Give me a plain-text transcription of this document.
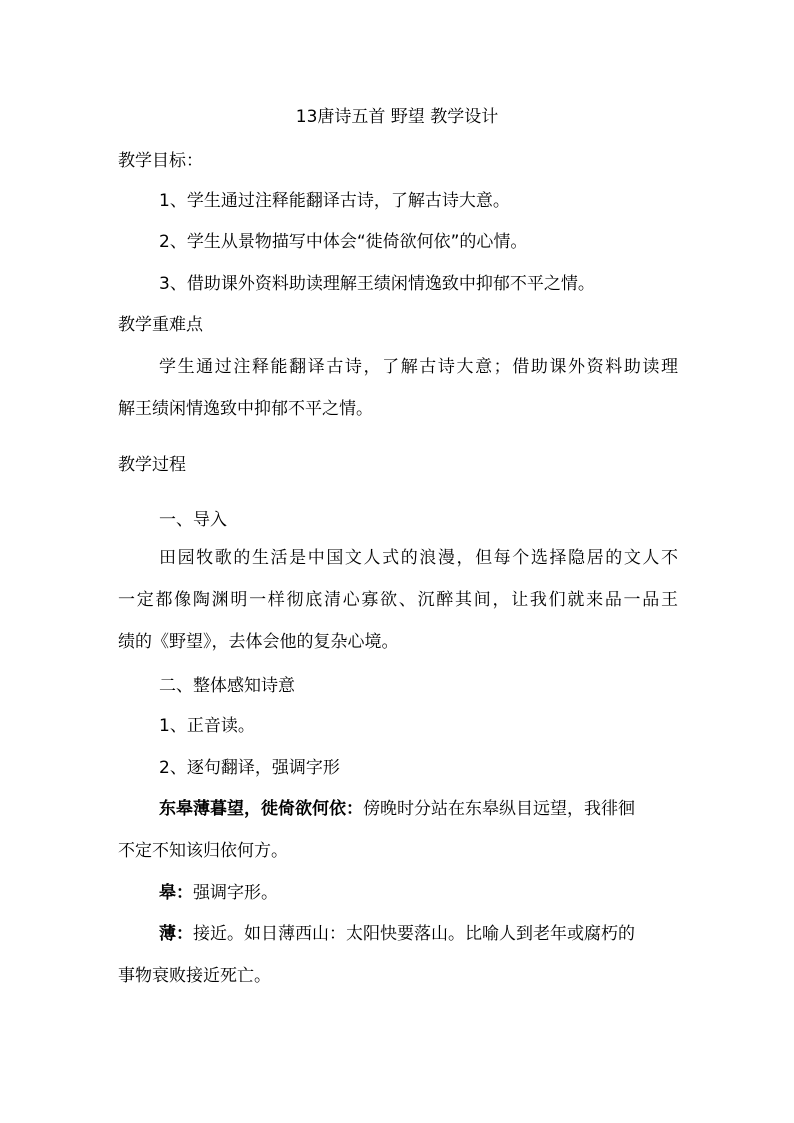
13唐诗五首 野望 教学设计
教学目标：
1、学生通过注释能翻译古诗，了解古诗大意。
2、学生从景物描写中体会“徙倚欲何依”的心情。
3、借助课外资料助读理解王绩闲情逸致中抑郁不平之情。
教学重难点
学生通过注释能翻译古诗，了解古诗大意；借助课外资料助读理
解王绩闲情逸致中抑郁不平之情。
教学过程
一、导入
田园牧歌的生活是中国文人式的浪漫，但每个选择隐居的文人不
一定都像陶渊明一样彻底清心寡欲、沉醉其间，让我们就来品一品王
绩的《野望》，去体会他的复杂心境。
二、整体感知诗意
1、正音读。
2、逐句翻译，强调字形
东皋薄暮望，徙倚欲何依：傍晚时分站在东皋纵目远望，我徘徊
不定不知该归依何方。
皋：强调字形。
薄：接近。如日薄西山：太阳快要落山。比喻人到老年或腐朽的
事物衰败接近死亡。
